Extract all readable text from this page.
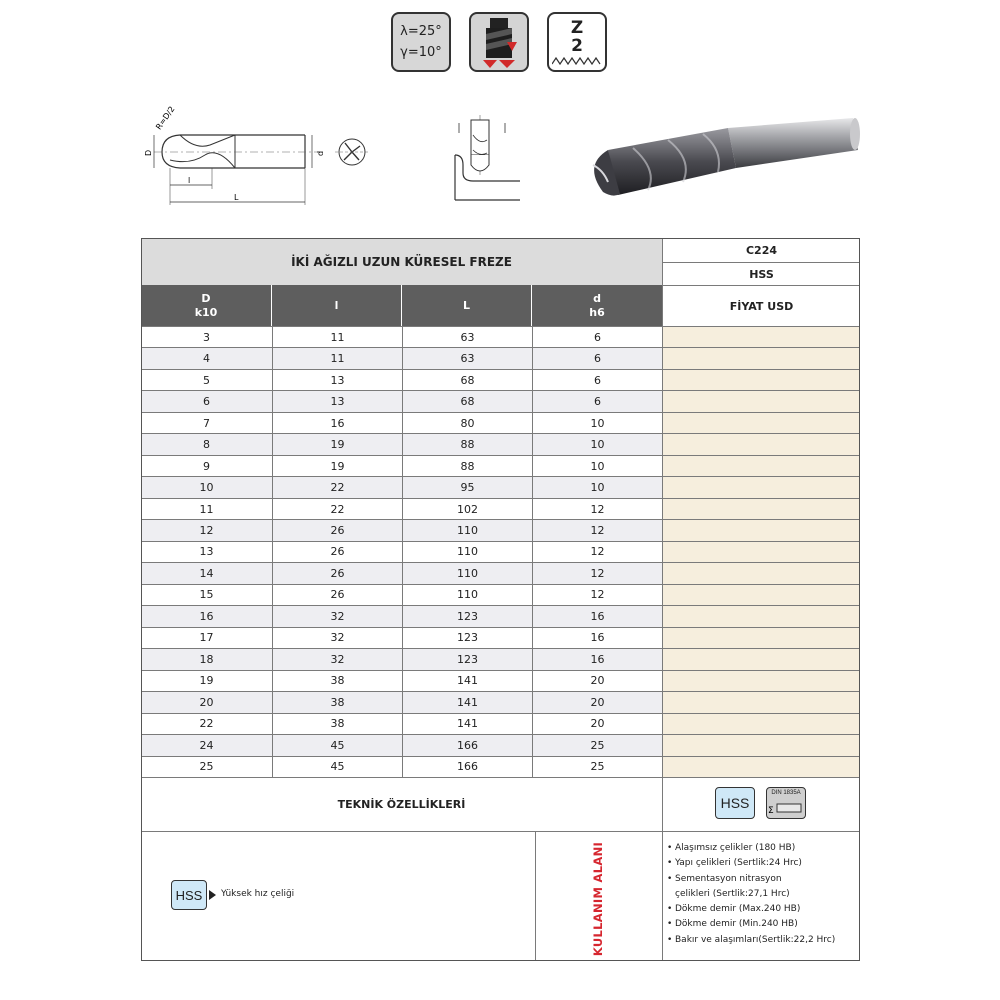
λ=25°
γ=10°
Z
2
R=D/2
D	d
l
L
İKİ AĞIZLI UZUN KÜRESEL FREZE
C224
HSS
D
k10
l	L
d
h6	FİYAT USD
3	11	63	6
4	11	63	6
5	13	68	6
6	13	68	6
7	16	80	10
8	19	88	10
9	19	88	10
10	22	95	10
11	22	102	12
12	26	110	12
13	26	110	12
14	26	110	12
15	26	110	12
16	32	123	16
17	32	123	16
18	32	123	16
19	38	141	20
20	38	141	20
22	38	141	20
24	45	166	25
25	45	166	25
TEKNİK ÖZELLİKLERİ	HSS
DIN 1835A
Σ
HSS	Yüksek hız çeliği	KULLANIM ALANI
•	Alaşımsız çelikler (180 HB)
• Yapı çelikleri (Sertlik:24 Hrc)
• Sementasyon nitrasyon
çelikleri (Sertlik:27,1 Hrc)
• Dökme demir (Max.240 HB)
• Dökme demir (Min.240 HB)
• Bakır ve alaşımları(Sertlik:22,2 Hrc)
